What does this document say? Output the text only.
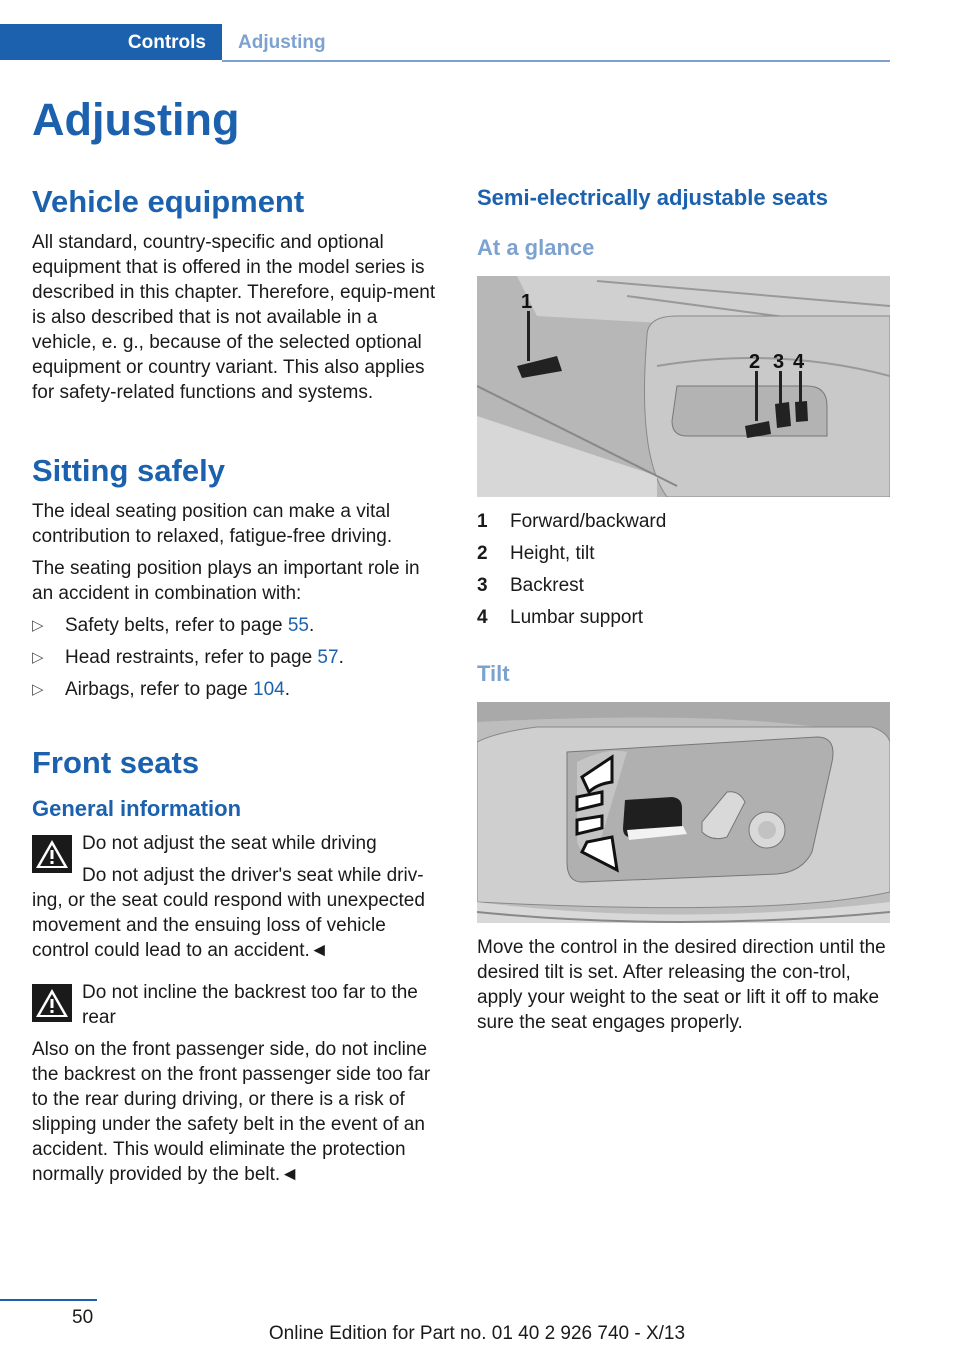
Controls Adjusting
Adjusting
Vehicle equipment

All standard, country-specific and optional equipment that is offered in the model series is described in this chapter. Therefore, equip-ment is also described that is not available in a vehicle, e. g., because of the selected optional equipment or country variant. This also applies for safety-related functions and systems.

Sitting safely

The ideal seating position can make a vital contribution to relaxed, fatigue-free driving.

The seating position plays an important role in an accident in combination with:

▷ Safety belts, refer to page 55.
▷ Head restraints, refer to page 57.
▷ Airbags, refer to page 104.
Front seats
General information

Do not adjust the seat while driving

Do not adjust the driver's seat while driv-ing, or the seat could respond with unexpected movement and the ensuing loss of vehicle control could lead to an accident.◄

Do not incline the backrest too far to the rear

Also on the front passenger side, do not incline the backrest on the front passenger side too far to the rear during driving, or there is a risk of slipping under the safety belt in the event of an accident. This would eliminate the protection normally provided by the belt.◄

Semi-electrically adjustable seats
At a glance
1
2 3 4
1 Forward/backward
2 Height, tilt
3 Backrest
4 Lumbar support
Tilt

Move the control in the desired direction until the desired tilt is set. After releasing the con-trol, apply your weight to the seat or lift it off to make sure the seat engages properly.

50
Online Edition for Part no. 01 40 2 926 740 - X/13
